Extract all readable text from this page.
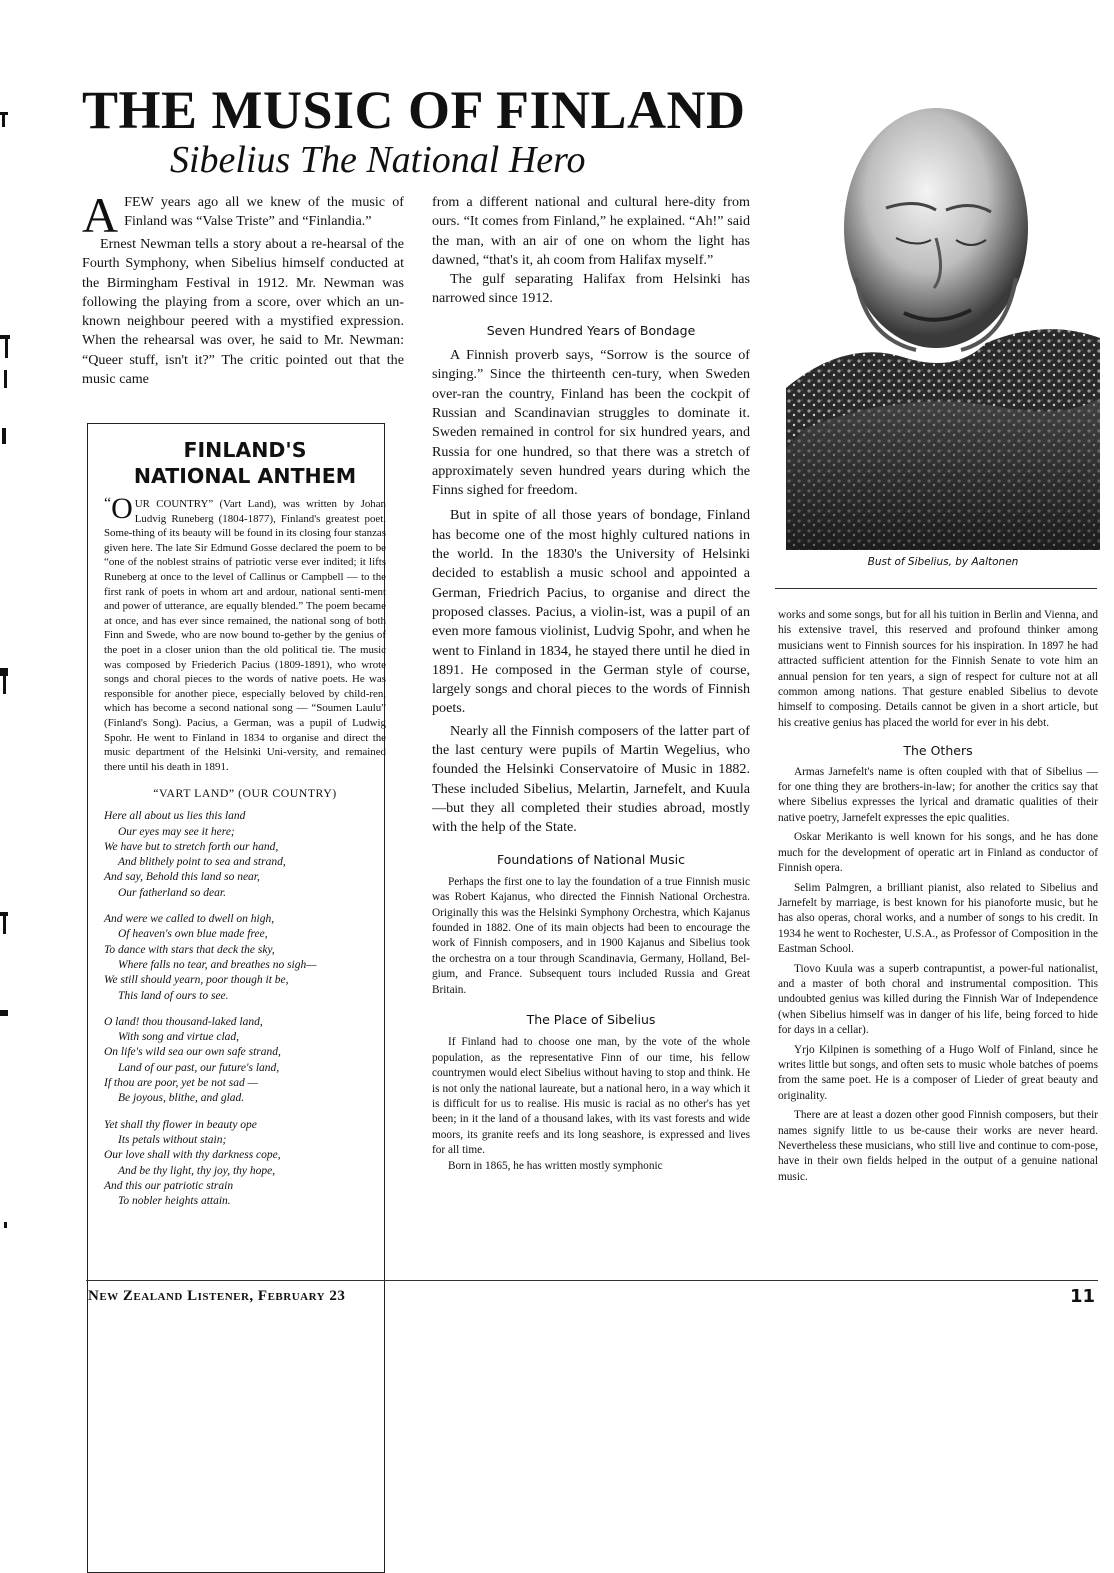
THE MUSIC OF FINLAND
Sibelius The National Hero

AFEW years ago all we knew of the music of Finland was “Valse Triste” and “Finlandia.”

Ernest Newman tells a story about a re-hearsal of the Fourth Symphony, when Sibelius himself conducted at the Birmingham Festival in 1912. Mr. Newman was following the playing from a score, over which an un-known neighbour peered with a mystified expression. When the rehearsal was over, he said to Mr. Newman: “Queer stuff, isn't it?” The critic pointed out that the music came

FINLAND'S NATIONAL ANTHEM
“ O UR COUNTRY” (Vart Land), was written by Johan Ludvig Runeberg (1804-1877), Finland's greatest poet. Some-thing of its beauty will be found in its closing four stanzas given here. The late Sir Edmund Gosse declared the poem to be “one of the noblest strains of patriotic verse ever indited; it lifts Runeberg at once to the level of Callinus or Campbell — to the first rank of poets in whom art and ardour, national senti-ment and power of utterance, are equally blended.” The poem became at once, and has ever since remained, the national song of both Finn and Swede, who are now bound to-gether by the genius of the poet in a closer union than the old political tie. The music was composed by Friederich Pacius (1809-1891), who wrote songs and choral pieces to the words of native poets. He was responsible for another piece, especially beloved by child-ren, which has become a second national song — “Soumen Laulu” (Finland's Song). Pacius, a German, was a pupil of Ludwig Spohr. He went to Finland in 1834 to organise and direct the music department of the Helsinki Uni-versity, and remained there until his death in 1891.
“VART LAND” (OUR COUNTRY)
Here all about us lies this land
Our eyes may see it here;
We have but to stretch forth our hand,
And blithely point to sea and strand,
And say, Behold this land so near,
Our fatherland so dear.
And were we called to dwell on high,
Of heaven's own blue made free,
To dance with stars that deck the sky,
Where falls no tear, and breathes no sigh—
We still should yearn, poor though it be,
This land of ours to see.
O land! thou thousand-laked land,
With song and virtue clad,
On life's wild sea our own safe strand,
Land of our past, our future's land,
If thou are poor, yet be not sad —
Be joyous, blithe, and glad.
Yet shall thy flower in beauty ope
Its petals without stain;
Our love shall with thy darkness cope,
And be thy light, thy joy, thy hope,
And this our patriotic strain
To nobler heights attain.

from a different national and cultural here-dity from ours. “It comes from Finland,” he explained. “Ah!” said the man, with an air of one on whom the light has dawned, “that's it, ah coom from Halifax myself.”

The gulf separating Halifax from Helsinki has narrowed since 1912.

Seven Hundred Years of Bondage

A Finnish proverb says, “Sorrow is the source of singing.” Since the thirteenth cen-tury, when Sweden over-ran the country, Finland has been the cockpit of Russian and Scandinavian struggles to dominate it. Sweden remained in control for six hundred years, and Russia for one hundred, so that there was a stretch of approximately seven hundred years during which the Finns sighed for freedom.

But in spite of all those years of bondage, Finland has become one of the most highly cultured nations in the world. In the 1830's the University of Helsinki decided to establish a music school and appointed a German, Friedrich Pacius, to organise and direct the proposed classes. Pacius, a violin-ist, was a pupil of an even more famous violinist, Ludvig Spohr, and when he went to Finland in 1834, he stayed there until he died in 1891. He composed in the German style of course, largely songs and choral pieces to the words of Finnish poets.

Nearly all the Finnish composers of the latter part of the last century were pupils of Martin Wegelius, who founded the Helsinki Conservatoire of Music in 1882. These included Sibelius, Melartin, Jarnefelt, and Kuula—but they all completed their studies abroad, mostly with the help of the State.

Foundations of National Music

Perhaps the first one to lay the foundation of a true Finnish music was Robert Kajanus, who directed the Finnish National Orchestra. Originally this was the Helsinki Symphony Orchestra, which Kajanus founded in 1882. One of its main objects had been to encourage the work of Finnish composers, and in 1900 Kajanus and Sibelius took the orchestra on a tour through Scandinavia, Germany, Holland, Bel-gium, and France. Subsequent tours included Russia and Great Britain.

The Place of Sibelius

If Finland had to choose one man, by the vote of the whole population, as the representative Finn of our time, his fellow countrymen would elect Sibelius without having to stop and think. He is not only the national laureate, but a national hero, in a way which it is difficult for us to realise. His music is racial as no other's has yet been; in it the land of a thousand lakes, with its vast forests and wide moors, its granite reefs and its long seashore, is expressed and lives for all time.

Born in 1865, he has written mostly symphonic

Bust of Sibelius, by Aaltonen

works and some songs, but for all his tuition in Berlin and Vienna, and his extensive travel, this reserved and profound thinker among musicians went to Finnish sources for his inspiration. In 1897 he had attracted sufficient attention for the Finnish Senate to vote him an annual pension for ten years, a sign of respect for culture not at all common among nations. That gesture enabled Sibelius to devote himself to composing. Details cannot be given in a short article, but his creative genius has placed the world for ever in his debt.

The Others

Armas Jarnefelt's name is often coupled with that of Sibelius — for one thing they are brothers-in-law; for another the critics say that where Sibelius expresses the lyrical and dramatic qualities of their native poetry, Jarnefelt expresses the epic qualities.

Oskar Merikanto is well known for his songs, and he has done much for the development of operatic art in Finland as conductor of Finnish opera.

Selim Palmgren, a brilliant pianist, also related to Sibelius and Jarnefelt by marriage, is best known for his pianoforte music, but he has also operas, choral works, and a number of songs to his credit. In 1934 he went to Rochester, U.S.A., as Professor of Composition in the Eastman School.

Tiovo Kuula was a superb contrapuntist, a power-ful nationalist, and a master of both choral and instrumental composition. This undoubted genius was killed during the Finnish War of Independence (when Sibelius himself was in danger of his life, being forced to hide for days in a cellar).

Yrjo Kilpinen is something of a Hugo Wolf of Finland, since he writes little but songs, and often sets to music whole batches of poems from the same poet. He is a composer of Lieder of great beauty and originality.

There are at least a dozen other good Finnish composers, but their names signify little to us be-cause their works are never heard. Nevertheless these musicians, who still live and continue to com-pose, have in their own fields helped in the output of a genuine national music.

New Zealand Listener, February 23	11
